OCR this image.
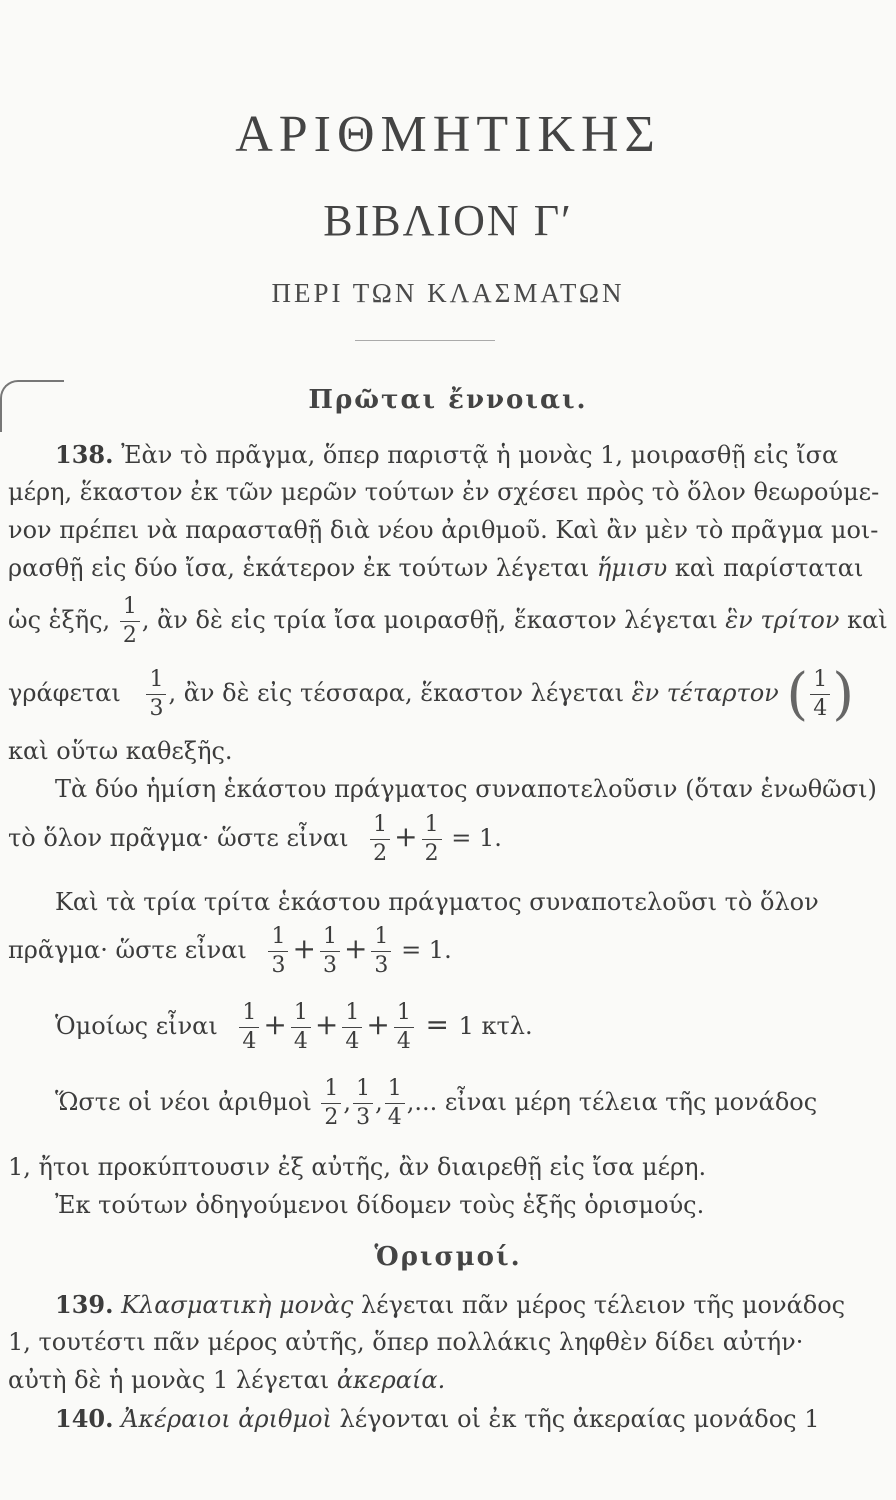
ΑΡΙΘΜΗΤΙΚΗΣ
ΒΙΒΛΙΟΝ Γ′
ΠΕΡΙ ΤΩΝ ΚΛΑΣΜΑΤΩΝ
Πρῶται ἔννοιαι.
138. Ἐὰν τὸ πρᾶγμα, ὅπερ παριστᾷ ἡ μονὰς 1, μοιρασθῇ εἰς ἴσα
μέρη, ἕκαστον ἐκ τῶν μερῶν τούτων ἐν σχέσει πρὸς τὸ ὅλον θεωρούμε-
νον πρέπει νὰ παρασταθῇ διὰ νέου ἀριθμοῦ. Καὶ ἂν μὲν τὸ πρᾶγμα μοι-
ρασθῇ εἰς δύο ἴσα, ἑκάτερον ἐκ τούτων λέγεται ἥμισυ καὶ παρίσταται
ὡς ἑξῆς, $\frac{1}{2}$ , ἂν δὲ εἰς τρία ἴσα μοιρασθῇ, ἕκαστον λέγεται ἓν τρίτον καὶ
γράφεται $\frac{1}{3}$ , ἂν δὲ εἰς τέσσαρα, ἕκαστον λέγεται ἓν τέταρτον ( $\frac{1}{4}$ )
καὶ οὕτω καθεξῆς.
Τὰ δύο ἡμίση ἑκάστου πράγματος συναποτελοῦσιν (ὅταν ἑνωθῶσι)
τὸ ὅλον πρᾶγμα· ὥστε εἶναι $\frac{1}{2} + \frac{1}{2} = 1$.
Καὶ τὰ τρία τρίτα ἑκάστου πράγματος συναποτελοῦσι τὸ ὅλον
πρᾶγμα· ὥστε εἶναι $\frac{1}{3} + \frac{1}{3} + \frac{1}{3} = 1$.
Ὁμοίως εἶναι $\frac{1}{4} + \frac{1}{4} + \frac{1}{4} + \frac{1}{4} = 1$ κτλ.
Ὥστε οἱ νέοι ἀριθμοὶ $\frac{1}{2}$ , $\frac{1}{3}$ , $\frac{1}{4}$ ,... εἶναι μέρη τέλεια τῆς μονάδος
1, ἤτοι προκύπτουσιν ἐξ αὐτῆς, ἂν διαιρεθῇ εἰς ἴσα μέρη.
Ἐκ τούτων ὁδηγούμενοι δίδομεν τοὺς ἑξῆς ὁρισμούς.
Ὁρισμοί.
139. Κλασματικὴ μονὰς λέγεται πᾶν μέρος τέλειον τῆς μονάδος
1, τουτέστι πᾶν μέρος αὐτῆς, ὅπερ πολλάκις ληφθὲν δίδει αὐτήν·
αὐτὴ δὲ ἡ μονὰς 1 λέγεται ἀκεραία.
140. Ἀκέραιοι ἀριθμοὶ λέγονται οἱ ἐκ τῆς ἀκεραίας μονάδος 1
